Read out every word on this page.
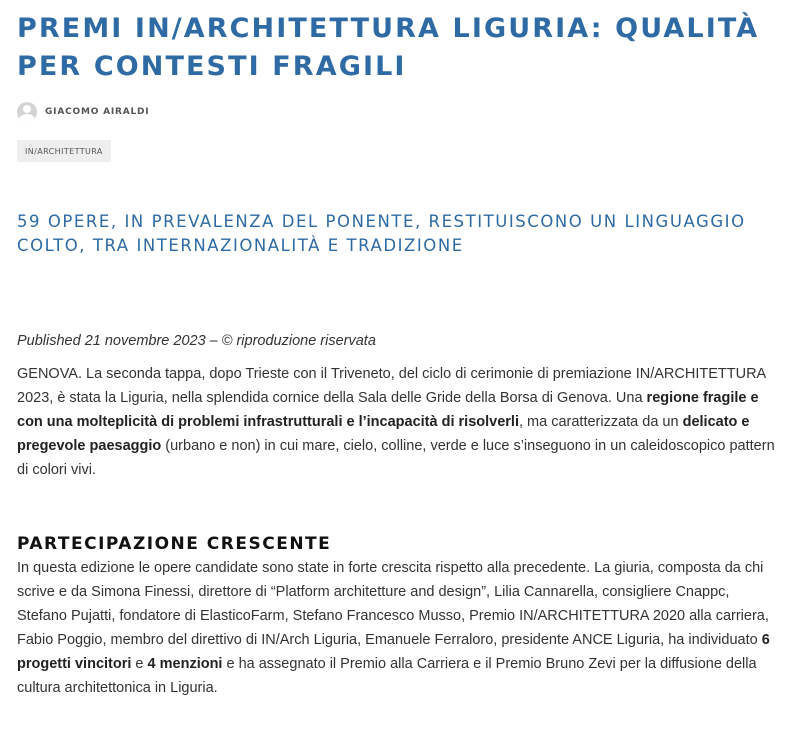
PREMI IN/ARCHITETTURA LIGURIA: QUALITÀ PER CONTESTI FRAGILI
GIACOMO AIRALDI
IN/ARCHITETTURA
59 OPERE, IN PREVALENZA DEL PONENTE, RESTITUISCONO UN LINGUAGGIO COLTO, TRA INTERNAZIONALITÀ E TRADIZIONE

Published 21 novembre 2023 – © riproduzione riservata

GENOVA. La seconda tappa, dopo Trieste con il Triveneto, del ciclo di cerimonie di premiazione IN/ARCHITETTURA 2023, è stata la Liguria, nella splendida cornice della Sala delle Gride della Borsa di Genova. Una regione fragile e con una molteplicità di problemi infrastrutturali e l’incapacità di risolverli, ma caratterizzata da un delicato e pregevole paesaggio (urbano e non) in cui mare, cielo, colline, verde e luce s’inseguono in un caleidoscopico pattern di colori vivi.

PARTECIPAZIONE CRESCENTE

In questa edizione le opere candidate sono state in forte crescita rispetto alla precedente. La giuria, composta da chi scrive e da Simona Finessi, direttore di “Platform architetture and design”, Lilia Cannarella, consigliere Cnappc, Stefano Pujatti, fondatore di ElasticoFarm, Stefano Francesco Musso, Premio IN/ARCHITETTURA 2020 alla carriera, Fabio Poggio, membro del direttivo di IN/Arch Liguria, Emanuele Ferraloro, presidente ANCE Liguria, ha individuato 6 progetti vincitori e 4 menzioni e ha assegnato il Premio alla Carriera e il Premio Bruno Zevi per la diffusione della cultura architettonica in Liguria.
